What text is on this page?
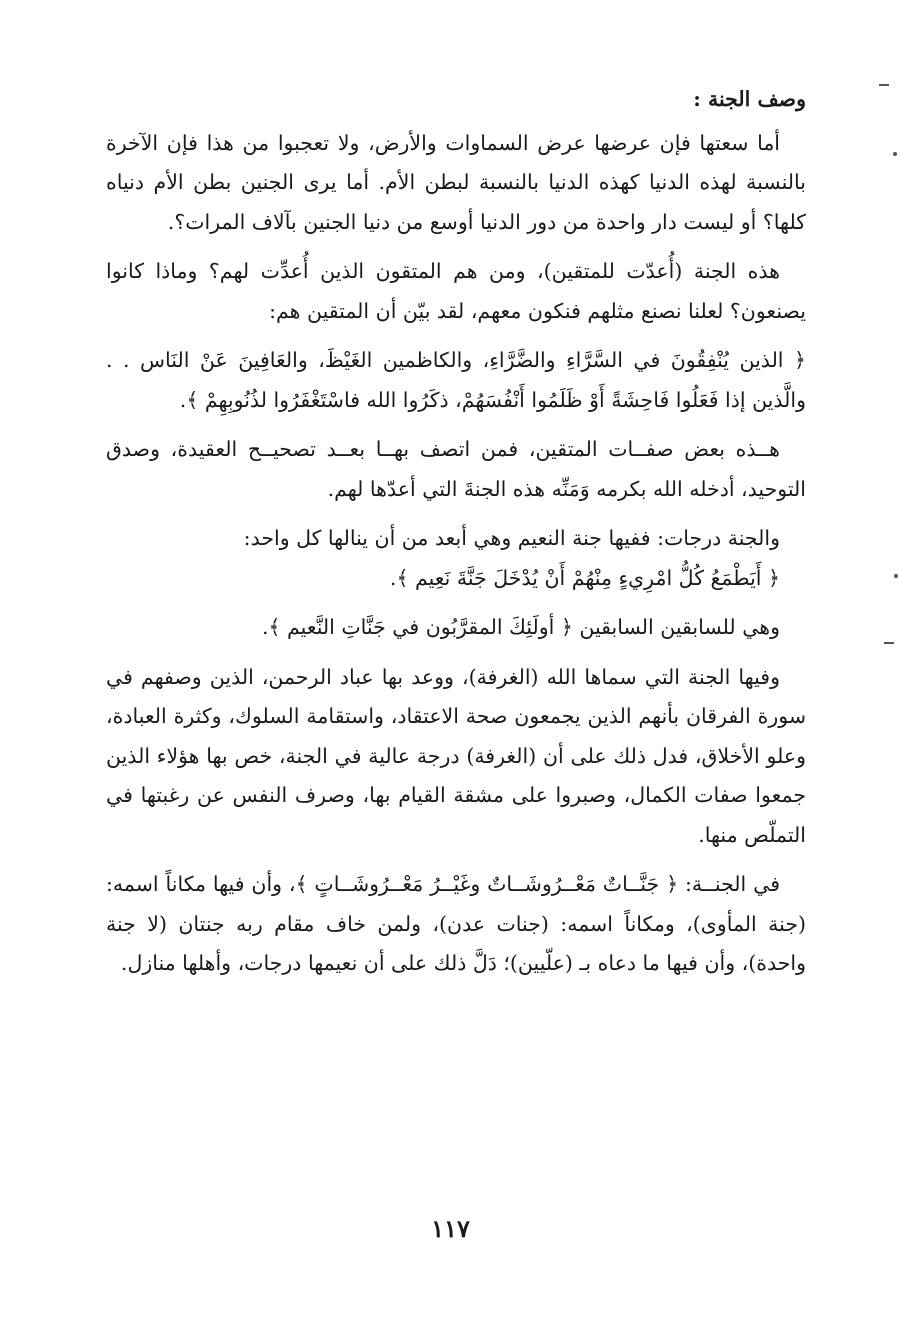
وصف الجنة :

أما سعتها فإن عرضها عرض السماوات والأرض، ولا تعجبوا من هذا فإن الآخرة بالنسبة لهذه الدنيا كهذه الدنيا بالنسبة لبطن الأم. أما يرى الجنين بطن الأم دنياه كلها؟ أو ليست دار واحدة من دور الدنيا أوسع من دنيا الجنين بآلاف المرات؟.

هذه الجنة (أُعدّت للمتقين)، ومن هم المتقون الذين أُعدِّت لهم؟ وماذا كانوا يصنعون؟ لعلنا نصنع مثلهم فنكون معهم، لقد بيّن أن المتقين هم:

﴿ الذين يُنْفِقُونَ في السَّرَّاءِ والضَّرَّاءِ، والكاظمين الغَيْظَ، والعَافِينَ عَنْ النَاس . . والَّذين إذا فَعَلُوا فَاحِشَةً أَوْ ظَلَمُوا أَنْفُسَهُمْ، ذكَرُوا الله فاسْتَغْفَرُوا لذُنُوبِهِمْ ﴾.

هــذه بعض صفــات المتقين، فمن اتصف بهــا بعــد تصحيــح العقيدة، وصدق التوحيد، أدخله الله بكرمه وَمَنِّه هذه الجنةَ التي أعدّها لهم.

والجنة درجات: ففيها جنة النعيم وهي أبعد من أن ينالها كل واحد:

﴿ أَيَطْمَعُ كُلُّ امْرِيءٍ مِنْهُمْ أَنْ يُدْخَلَ جَنَّةَ نَعِيم ﴾.

وهي للسابقين السابقين ﴿ أولَئِكَ المقرَّبُون في جَنَّاتِ النَّعيم ﴾.

وفيها الجنة التي سماها الله (الغرفة)، ووعد بها عباد الرحمن، الذين وصفهم في سورة الفرقان بأنهم الذين يجمعون صحة الاعتقاد، واستقامة السلوك، وكثرة العبادة، وعلو الأخلاق، فدل ذلك على أن (الغرفة) درجة عالية في الجنة، خص بها هؤلاء الذين جمعوا صفات الكمال، وصبروا على مشقة القيام بها، وصرف النفس عن رغبتها في التملّص منها.

في الجنــة: ﴿ جَنَّــاتٌ مَعْــرُوشَــاتٌ وغَيْــرُ مَعْــرُوشَــاتٍ ﴾، وأن فيها مكاناً اسمه: (جنة المأوى)، ومكاناً اسمه: (جنات عدن)، ولمن خاف مقام ربه جنتان (لا جنة واحدة)، وأن فيها ما دعاه بـ (علّيين)؛ دَلَّ ذلك على أن نعيمها درجات، وأهلها منازل.

١١٧
